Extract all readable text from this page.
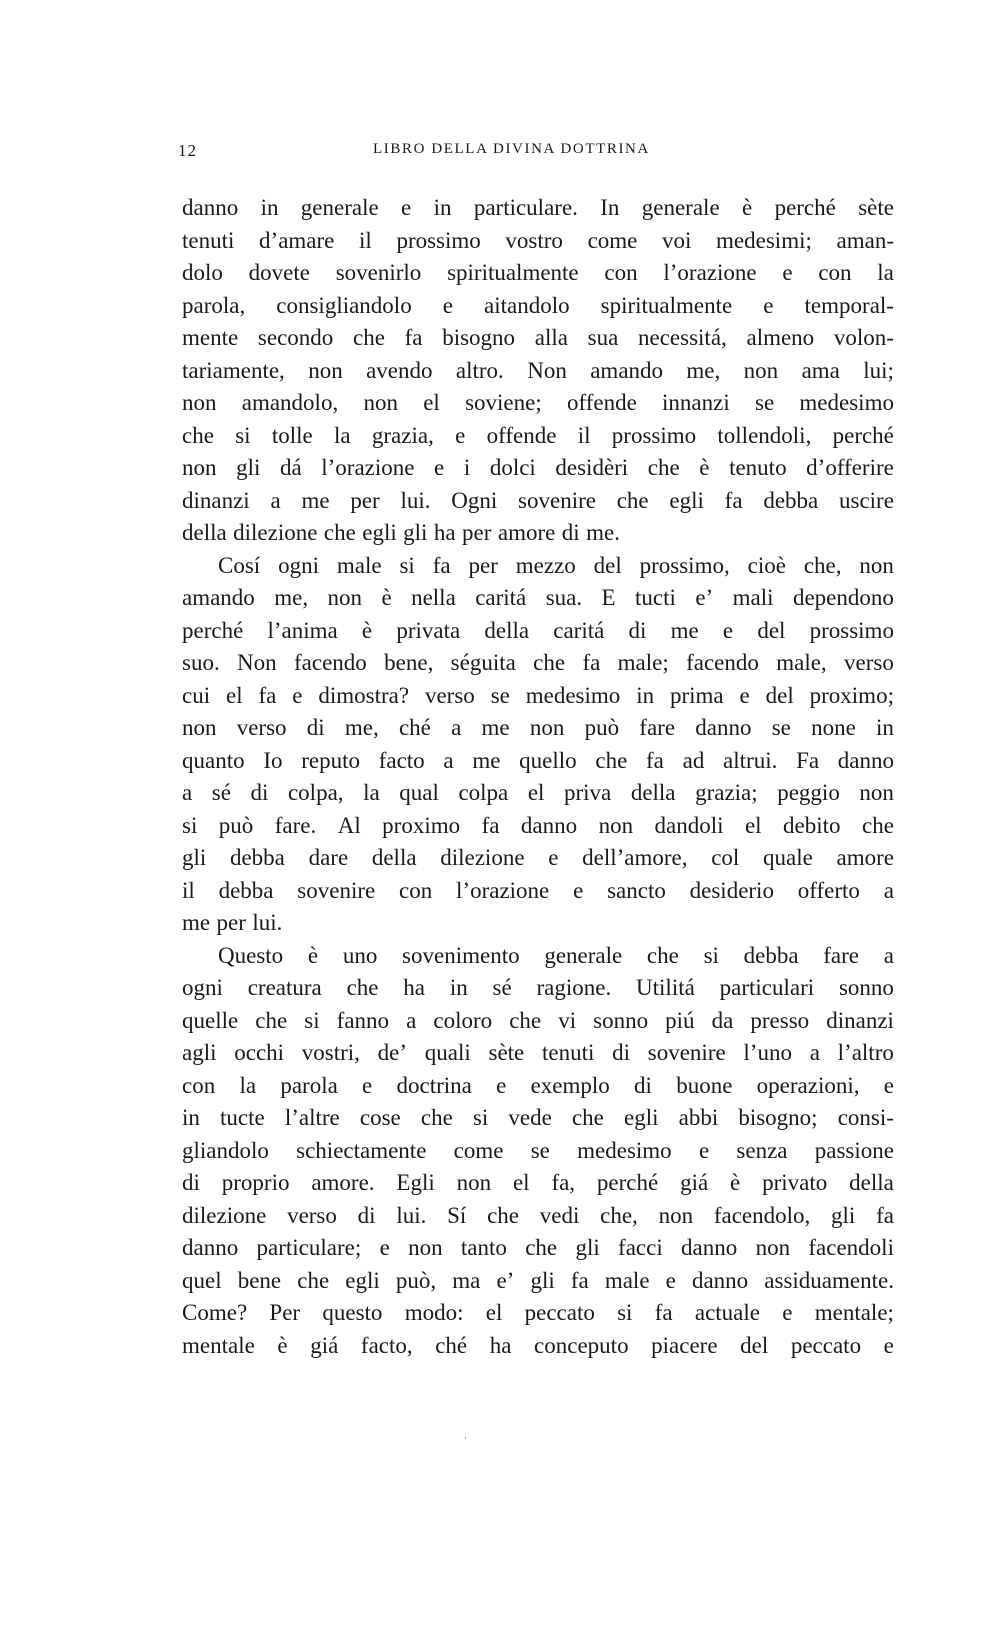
12	LIBRO DELLA DIVINA DOTTRINA
danno in generale e in particulare. In generale è perché sète
tenuti d’amare il prossimo vostro come voi medesimi; aman-
dolo dovete sovenirlo spiritualmente con l’orazione e con la
parola, consigliandolo e aitandolo spiritualmente e temporal-
mente secondo che fa bisogno alla sua necessitá, almeno volon-
tariamente, non avendo altro. Non amando me, non ama lui;
non amandolo, non el soviene; offende innanzi se medesimo
che si tolle la grazia, e offende il prossimo tollendoli, perché
non gli dá l’orazione e i dolci desidèri che è tenuto d’offerire
dinanzi a me per lui. Ogni sovenire che egli fa debba uscire
della dilezione che egli gli ha per amore di me.
Cosí ogni male si fa per mezzo del prossimo, cioè che, non
amando me, non è nella caritá sua. E tucti e’ mali dependono
perché l’anima è privata della caritá di me e del prossimo
suo. Non facendo bene, séguita che fa male; facendo male, verso
cui el fa e dimostra? verso se medesimo in prima e del proximo;
non verso di me, ché a me non può fare danno se none in
quanto Io reputo facto a me quello che fa ad altrui. Fa danno
a sé di colpa, la qual colpa el priva della grazia; peggio non
si può fare. Al proximo fa danno non dandoli el debito che
gli debba dare della dilezione e dell’amore, col quale amore
il debba sovenire con l’orazione e sancto desiderio offerto a
me per lui.
Questo è uno sovenimento generale che si debba fare a
ogni creatura che ha in sé ragione. Utilitá particulari sonno
quelle che si fanno a coloro che vi sonno piú da presso dinanzi
agli occhi vostri, de’ quali sète tenuti di sovenire l’uno a l’altro
con la parola e doctrina e exemplo di buone operazioni, e
in tucte l’altre cose che si vede che egli abbi bisogno; consi-
gliandolo schiectamente come se medesimo e senza passione
di proprio amore. Egli non el fa, perché giá è privato della
dilezione verso di lui. Sí che vedi che, non facendolo, gli fa
danno particulare; e non tanto che gli facci danno non facendoli
quel bene che egli può, ma e’ gli fa male e danno assiduamente.
Come? Per questo modo: el peccato si fa actuale e mentale;
mentale è giá facto, ché ha conceputo piacere del peccato e
